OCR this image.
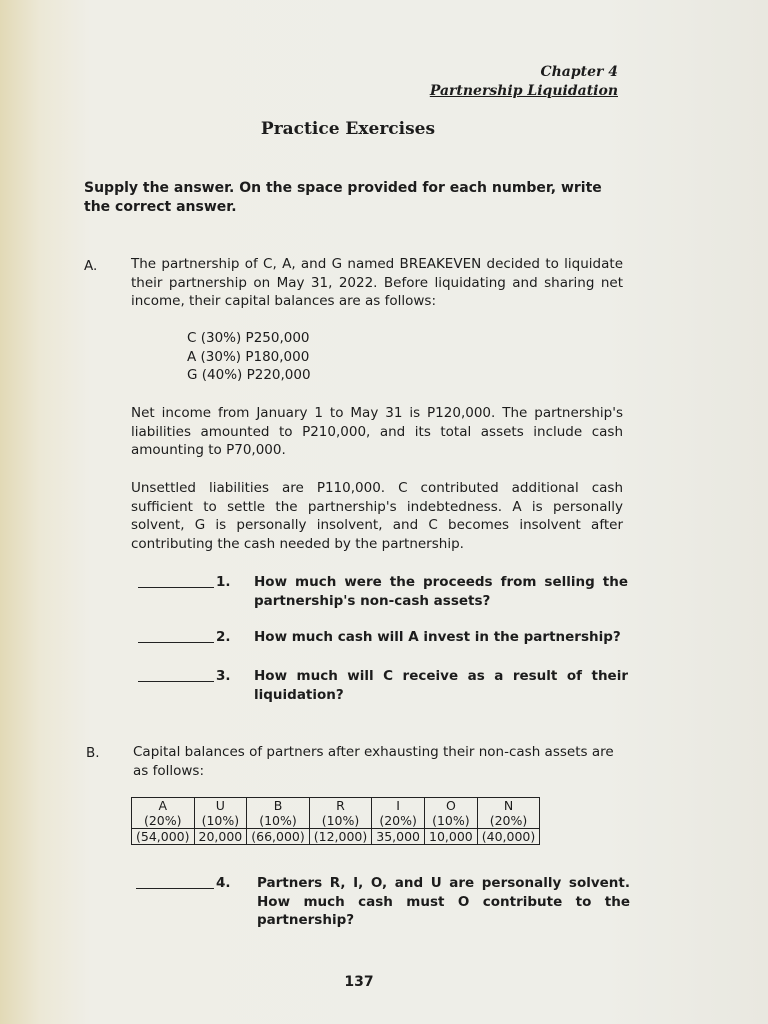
Chapter 4
Partnership Liquidation
Practice Exercises
Supply the answer. On the space provided for each number, write the correct answer.
A. The partnership of C, A, and G named BREAKEVEN decided to liquidate their partnership on May 31, 2022. Before liquidating and sharing net income, their capital balances are as follows:
C (30%) P250,000
A (30%) P180,000
G (40%) P220,000
Net income from January 1 to May 31 is P120,000. The partnership's liabilities amounted to P210,000, and its total assets include cash amounting to P70,000.
Unsettled liabilities are P110,000. C contributed additional cash sufficient to settle the partnership's indebtedness. A is personally solvent, G is personally insolvent, and C becomes insolvent after contributing the cash needed by the partnership.
1. How much were the proceeds from selling the partnership's non-cash assets?
2. How much cash will A invest in the partnership?
3. How much will C receive as a result of their liquidation?
B. Capital balances of partners after exhausting their non-cash assets are as follows:
A	U	B	R	I	O	N
(20%)	(10%)	(10%)	(10%)	(20%)	(10%)	(20%)
(54,000)	20,000	(66,000)	(12,000)	35,000	10,000	(40,000)
4. Partners R, I, O, and U are personally solvent. How much cash must O contribute to the partnership?
137
